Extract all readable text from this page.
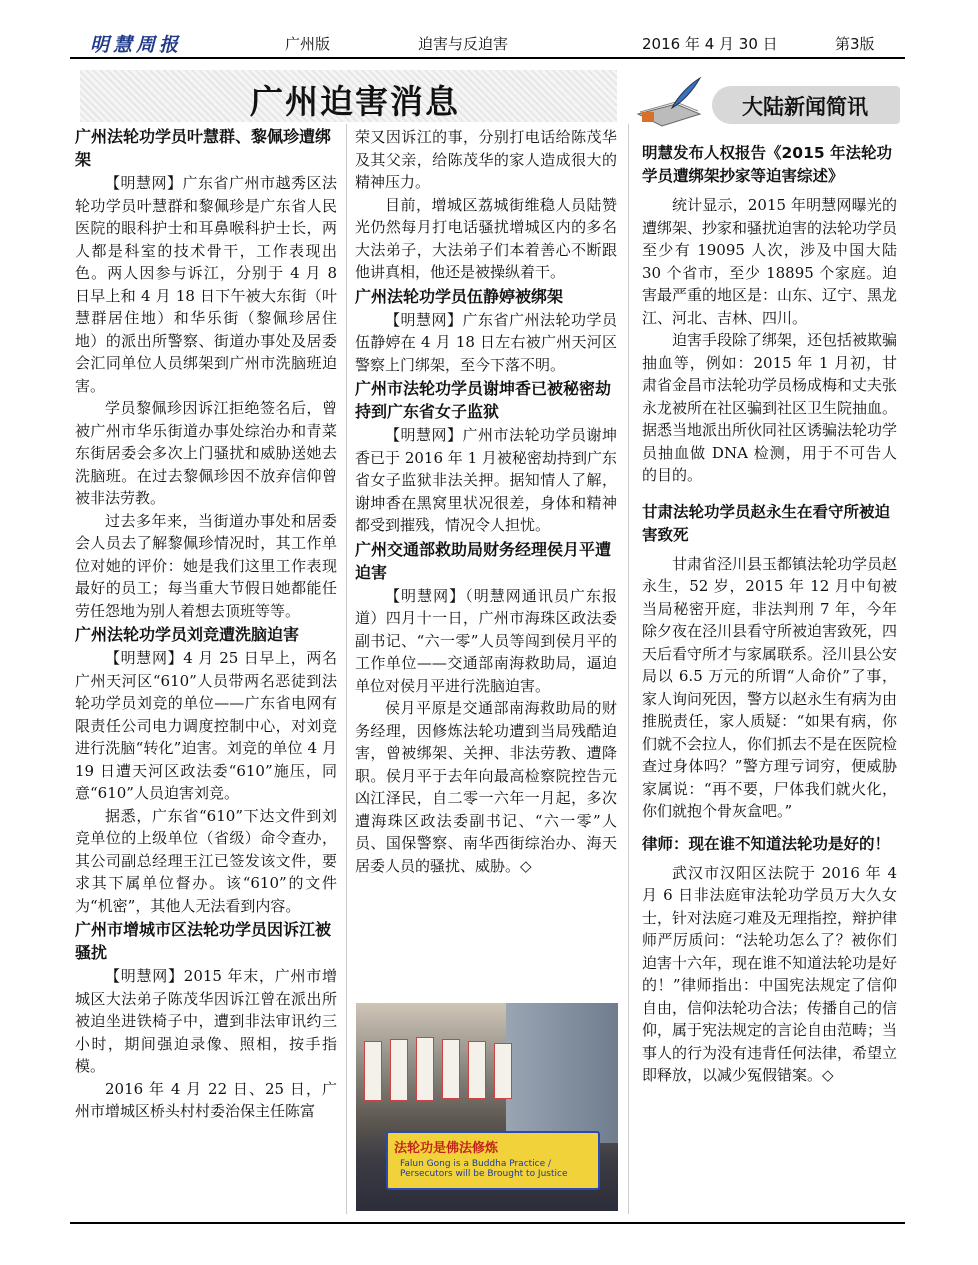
明慧周报	广州版	迫害与反迫害	2016 年 4 月 30 日	第3版
广州迫害消息	大陆新闻简讯
广州法轮功学员叶慧群、黎佩珍遭绑架

【明慧网】广东省广州市越秀区法轮功学员叶慧群和黎佩珍是广东省人民医院的眼科护士和耳鼻喉科护士长，两人都是科室的技术骨干，工作表现出色。两人因参与诉江，分别于 4 月 8 日早上和 4 月 18 日下午被大东街（叶慧群居住地）和华乐街（黎佩珍居住地）的派出所警察、街道办事处及居委会汇同单位人员绑架到广州市洗脑班迫害。

学员黎佩珍因诉江拒绝签名后，曾被广州市华乐街道办事处综治办和青菜东街居委会多次上门骚扰和威胁送她去洗脑班。在过去黎佩珍因不放弃信仰曾被非法劳教。

过去多年来，当街道办事处和居委会人员去了解黎佩珍情况时，其工作单位对她的评价：她是我们这里工作表现最好的员工；每当重大节假日她都能任劳任怨地为别人着想去顶班等等。

广州法轮功学员刘竞遭洗脑迫害

【明慧网】4 月 25 日早上，两名广州天河区“610”人员带两名恶徒到法轮功学员刘竞的单位——广东省电网有限责任公司电力调度控制中心，对刘竞进行洗脑“转化”迫害。刘竞的单位 4 月 19 日遭天河区政法委“610”施压，同意“610”人员迫害刘竞。

据悉，广东省“610”下达文件到刘竞单位的上级单位（省级）命令查办，其公司副总经理王江已签发该文件，要求其下属单位督办。该“610”的文件为“机密”，其他人无法看到内容。

广州市增城市区法轮功学员因诉江被骚扰

【明慧网】2015 年末，广州市增城区大法弟子陈茂华因诉江曾在派出所被迫坐进铁椅子中，遭到非法审讯约三小时，期间强迫录像、照相，按手指模。

2016 年 4 月 22 日、25 日，广州市增城区桥头村村委治保主任陈富

荣又因诉江的事，分别打电话给陈茂华及其父亲，给陈茂华的家人造成很大的精神压力。

目前，增城区荔城街维稳人员陆赞光仍然每月打电话骚扰增城区内的多名大法弟子，大法弟子们本着善心不断跟他讲真相，他还是被操纵着干。

广州法轮功学员伍静婷被绑架

【明慧网】广东省广州法轮功学员伍静婷在 4 月 18 日左右被广州天河区警察上门绑架，至今下落不明。

广州市法轮功学员谢坤香已被秘密劫持到广东省女子监狱

【明慧网】广州市法轮功学员谢坤香已于 2016 年 1 月被秘密劫持到广东省女子监狱非法关押。据知情人了解，谢坤香在黑窝里状况很差，身体和精神都受到摧残，情况令人担忧。

广州交通部救助局财务经理侯月平遭迫害

【明慧网】（明慧网通讯员广东报道）四月十一日，广州市海珠区政法委副书记、“六一零”人员等闯到侯月平的工作单位——交通部南海救助局，逼迫单位对侯月平进行洗脑迫害。

侯月平原是交通部南海救助局的财务经理，因修炼法轮功遭到当局残酷迫害，曾被绑架、关押、非法劳教、遭降职。侯月平于去年向最高检察院控告元凶江泽民，自二零一六年一月起，多次遭海珠区政法委副书记、“六一零”人员、国保警察、南华西街综治办、海天居委人员的骚扰、威胁。◇

法轮功是佛法修炼
Falun Gong is a Buddha Practice / Persecutors will be Brought to Justice
明慧发布人权报告《2015 年法轮功学员遭绑架抄家等迫害综述》

统计显示，2015 年明慧网曝光的遭绑架、抄家和骚扰迫害的法轮功学员至少有 19095 人次，涉及中国大陆 30 个省市，至少 18895 个家庭。迫害最严重的地区是：山东、辽宁、黑龙江、河北、吉林、四川。

迫害手段除了绑架，还包括被欺骗抽血等，例如：2015 年 1 月初，甘肃省金昌市法轮功学员杨成梅和丈夫张永龙被所在社区骗到社区卫生院抽血。据悉当地派出所伙同社区诱骗法轮功学员抽血做 DNA 检测，用于不可告人的目的。

甘肃法轮功学员赵永生在看守所被迫害致死

甘肃省泾川县玉都镇法轮功学员赵永生，52 岁，2015 年 12 月中旬被当局秘密开庭，非法判刑 7 年，今年除夕夜在泾川县看守所被迫害致死，四天后看守所才与家属联系。泾川县公安局以 6.5 万元的所谓“人命价”了事，家人询问死因，警方以赵永生有病为由推脱责任，家人质疑：“如果有病，你们就不会拉人，你们抓去不是在医院检查过身体吗？”警方理亏词穷，便威胁家属说：“再不要，尸体我们就火化，你们就抱个骨灰盒吧。”

律师：现在谁不知道法轮功是好的！

武汉市汉阳区法院于 2016 年 4 月 6 日非法庭审法轮功学员万大久女士，针对法庭刁难及无理指控，辩护律师严厉质问：“法轮功怎么了？被你们迫害十六年，现在谁不知道法轮功是好的！”律师指出：中国宪法规定了信仰自由，信仰法轮功合法；传播自己的信仰，属于宪法规定的言论自由范畴；当事人的行为没有违背任何法律，希望立即释放，以减少冤假错案。◇
